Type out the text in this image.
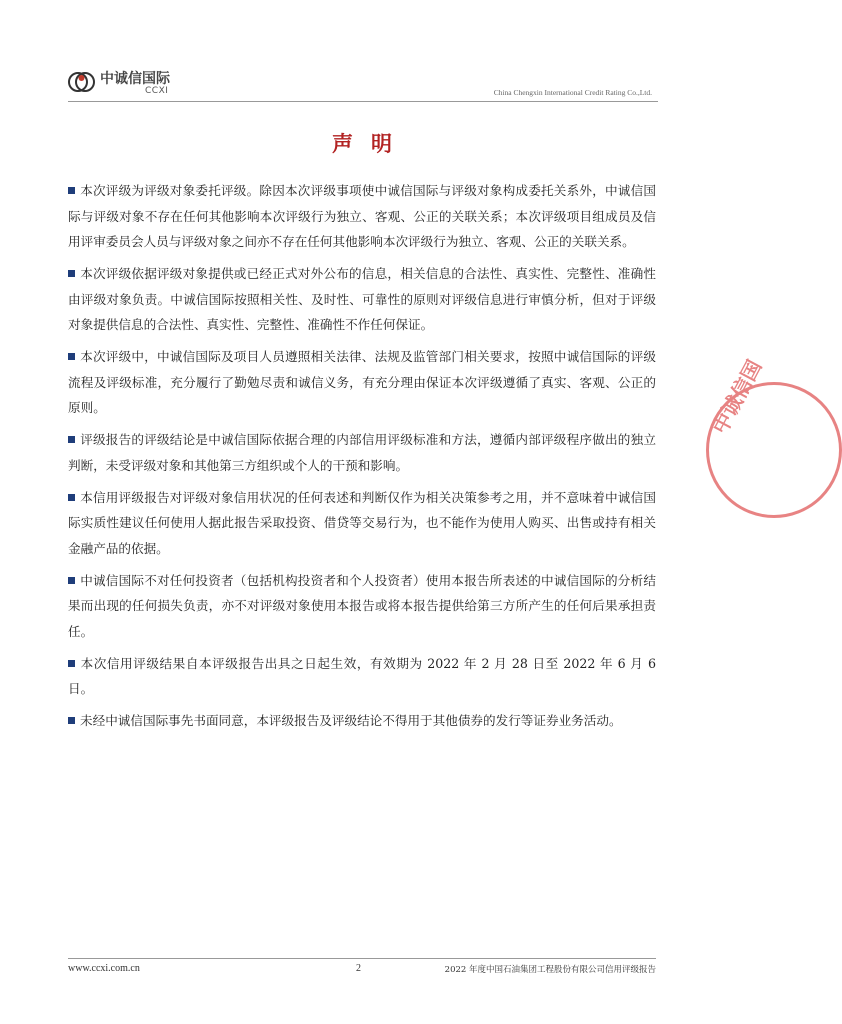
中诚信国际
CCXI	China Chengxin International Credit Rating Co.,Ltd.
声明

本次评级为评级对象委托评级。除因本次评级事项使中诚信国际与评级对象构成委托关系外，中诚信国际与评级对象不存在任何其他影响本次评级行为独立、客观、公正的关联关系；本次评级项目组成员及信用评审委员会人员与评级对象之间亦不存在任何其他影响本次评级行为独立、客观、公正的关联关系。

本次评级依据评级对象提供或已经正式对外公布的信息，相关信息的合法性、真实性、完整性、准确性由评级对象负责。中诚信国际按照相关性、及时性、可靠性的原则对评级信息进行审慎分析，但对于评级对象提供信息的合法性、真实性、完整性、准确性不作任何保证。

本次评级中，中诚信国际及项目人员遵照相关法律、法规及监管部门相关要求，按照中诚信国际的评级流程及评级标准，充分履行了勤勉尽责和诚信义务，有充分理由保证本次评级遵循了真实、客观、公正的原则。

评级报告的评级结论是中诚信国际依据合理的内部信用评级标准和方法，遵循内部评级程序做出的独立判断，未受评级对象和其他第三方组织或个人的干预和影响。

本信用评级报告对评级对象信用状况的任何表述和判断仅作为相关决策参考之用，并不意味着中诚信国际实质性建议任何使用人据此报告采取投资、借贷等交易行为，也不能作为使用人购买、出售或持有相关金融产品的依据。

中诚信国际不对任何投资者（包括机构投资者和个人投资者）使用本报告所表述的中诚信国际的分析结果而出现的任何损失负责，亦不对评级对象使用本报告或将本报告提供给第三方所产生的任何后果承担责任。

本次信用评级结果自本评级报告出具之日起生效，有效期为 2022 年 2 月 28 日至 2022 年 6 月 6 日。

未经中诚信国际事先书面同意，本评级报告及评级结论不得用于其他债券的发行等证券业务活动。

中诚信国
www.ccxi.com.cn	2	2022 年度中国石油集团工程股份有限公司信用评级报告
